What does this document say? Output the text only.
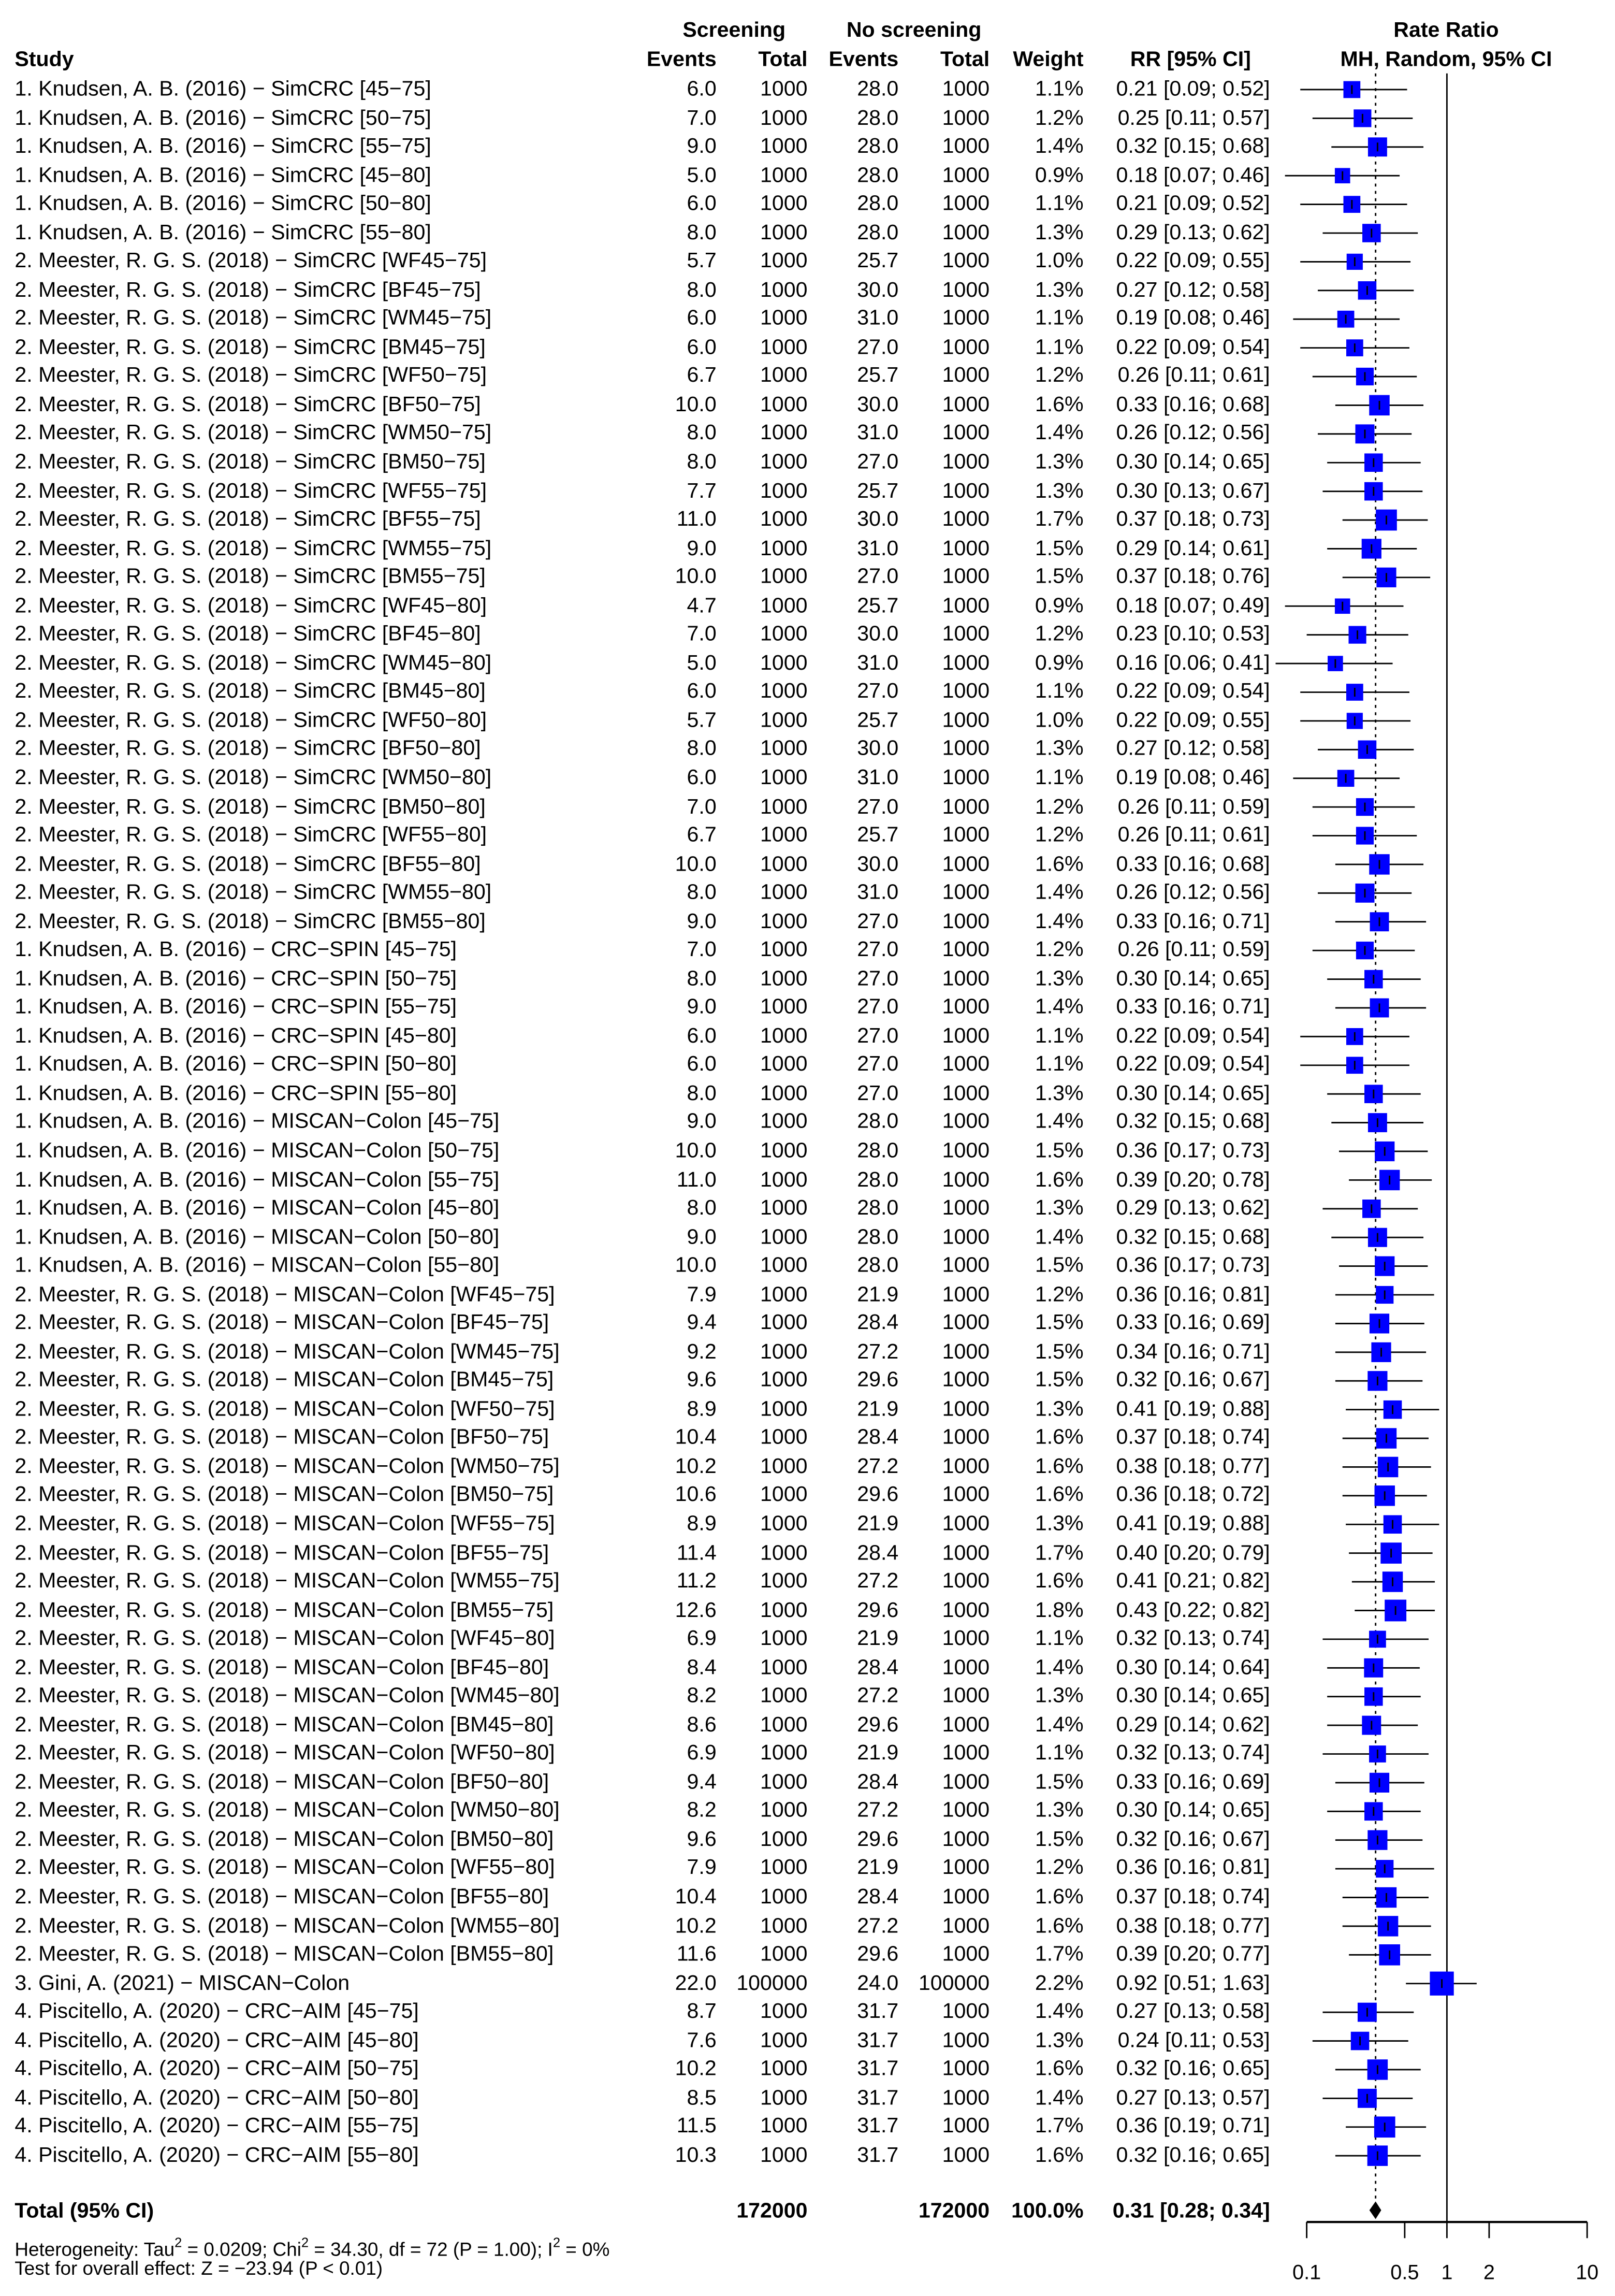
Screening	No screening	Rate Ratio
Study	Events	Total	Events	Total	Weight	RR [95% CI]	MH, Random, 95% CI
1. Knudsen, A. B. (2016) − SimCRC [45−75]	6.0	1000	28.0	1000	1.1%	0.21 [0.09; 0.52]
1. Knudsen, A. B. (2016) − SimCRC [50−75]	7.0	1000	28.0	1000	1.2%	0.25 [0.11; 0.57]
1. Knudsen, A. B. (2016) − SimCRC [55−75]	9.0	1000	28.0	1000	1.4%	0.32 [0.15; 0.68]
1. Knudsen, A. B. (2016) − SimCRC [45−80]	5.0	1000	28.0	1000	0.9%	0.18 [0.07; 0.46]
1. Knudsen, A. B. (2016) − SimCRC [50−80]	6.0	1000	28.0	1000	1.1%	0.21 [0.09; 0.52]
1. Knudsen, A. B. (2016) − SimCRC [55−80]	8.0	1000	28.0	1000	1.3%	0.29 [0.13; 0.62]
2. Meester, R. G. S. (2018) − SimCRC [WF45−75]	5.7	1000	25.7	1000	1.0%	0.22 [0.09; 0.55]
2. Meester, R. G. S. (2018) − SimCRC [BF45−75]	8.0	1000	30.0	1000	1.3%	0.27 [0.12; 0.58]
2. Meester, R. G. S. (2018) − SimCRC [WM45−75]	6.0	1000	31.0	1000	1.1%	0.19 [0.08; 0.46]
2. Meester, R. G. S. (2018) − SimCRC [BM45−75]	6.0	1000	27.0	1000	1.1%	0.22 [0.09; 0.54]
2. Meester, R. G. S. (2018) − SimCRC [WF50−75]	6.7	1000	25.7	1000	1.2%	0.26 [0.11; 0.61]
2. Meester, R. G. S. (2018) − SimCRC [BF50−75]	10.0	1000	30.0	1000	1.6%	0.33 [0.16; 0.68]
2. Meester, R. G. S. (2018) − SimCRC [WM50−75]	8.0	1000	31.0	1000	1.4%	0.26 [0.12; 0.56]
2. Meester, R. G. S. (2018) − SimCRC [BM50−75]	8.0	1000	27.0	1000	1.3%	0.30 [0.14; 0.65]
2. Meester, R. G. S. (2018) − SimCRC [WF55−75]	7.7	1000	25.7	1000	1.3%	0.30 [0.13; 0.67]
2. Meester, R. G. S. (2018) − SimCRC [BF55−75]	11.0	1000	30.0	1000	1.7%	0.37 [0.18; 0.73]
2. Meester, R. G. S. (2018) − SimCRC [WM55−75]	9.0	1000	31.0	1000	1.5%	0.29 [0.14; 0.61]
2. Meester, R. G. S. (2018) − SimCRC [BM55−75]	10.0	1000	27.0	1000	1.5%	0.37 [0.18; 0.76]
2. Meester, R. G. S. (2018) − SimCRC [WF45−80]	4.7	1000	25.7	1000	0.9%	0.18 [0.07; 0.49]
2. Meester, R. G. S. (2018) − SimCRC [BF45−80]	7.0	1000	30.0	1000	1.2%	0.23 [0.10; 0.53]
2. Meester, R. G. S. (2018) − SimCRC [WM45−80]	5.0	1000	31.0	1000	0.9%	0.16 [0.06; 0.41]
2. Meester, R. G. S. (2018) − SimCRC [BM45−80]	6.0	1000	27.0	1000	1.1%	0.22 [0.09; 0.54]
2. Meester, R. G. S. (2018) − SimCRC [WF50−80]	5.7	1000	25.7	1000	1.0%	0.22 [0.09; 0.55]
2. Meester, R. G. S. (2018) − SimCRC [BF50−80]	8.0	1000	30.0	1000	1.3%	0.27 [0.12; 0.58]
2. Meester, R. G. S. (2018) − SimCRC [WM50−80]	6.0	1000	31.0	1000	1.1%	0.19 [0.08; 0.46]
2. Meester, R. G. S. (2018) − SimCRC [BM50−80]	7.0	1000	27.0	1000	1.2%	0.26 [0.11; 0.59]
2. Meester, R. G. S. (2018) − SimCRC [WF55−80]	6.7	1000	25.7	1000	1.2%	0.26 [0.11; 0.61]
2. Meester, R. G. S. (2018) − SimCRC [BF55−80]	10.0	1000	30.0	1000	1.6%	0.33 [0.16; 0.68]
2. Meester, R. G. S. (2018) − SimCRC [WM55−80]	8.0	1000	31.0	1000	1.4%	0.26 [0.12; 0.56]
2. Meester, R. G. S. (2018) − SimCRC [BM55−80]	9.0	1000	27.0	1000	1.4%	0.33 [0.16; 0.71]
1. Knudsen, A. B. (2016) − CRC−SPIN [45−75]	7.0	1000	27.0	1000	1.2%	0.26 [0.11; 0.59]
1. Knudsen, A. B. (2016) − CRC−SPIN [50−75]	8.0	1000	27.0	1000	1.3%	0.30 [0.14; 0.65]
1. Knudsen, A. B. (2016) − CRC−SPIN [55−75]	9.0	1000	27.0	1000	1.4%	0.33 [0.16; 0.71]
1. Knudsen, A. B. (2016) − CRC−SPIN [45−80]	6.0	1000	27.0	1000	1.1%	0.22 [0.09; 0.54]
1. Knudsen, A. B. (2016) − CRC−SPIN [50−80]	6.0	1000	27.0	1000	1.1%	0.22 [0.09; 0.54]
1. Knudsen, A. B. (2016) − CRC−SPIN [55−80]	8.0	1000	27.0	1000	1.3%	0.30 [0.14; 0.65]
1. Knudsen, A. B. (2016) − MISCAN−Colon [45−75]	9.0	1000	28.0	1000	1.4%	0.32 [0.15; 0.68]
1. Knudsen, A. B. (2016) − MISCAN−Colon [50−75]	10.0	1000	28.0	1000	1.5%	0.36 [0.17; 0.73]
1. Knudsen, A. B. (2016) − MISCAN−Colon [55−75]	11.0	1000	28.0	1000	1.6%	0.39 [0.20; 0.78]
1. Knudsen, A. B. (2016) − MISCAN−Colon [45−80]	8.0	1000	28.0	1000	1.3%	0.29 [0.13; 0.62]
1. Knudsen, A. B. (2016) − MISCAN−Colon [50−80]	9.0	1000	28.0	1000	1.4%	0.32 [0.15; 0.68]
1. Knudsen, A. B. (2016) − MISCAN−Colon [55−80]	10.0	1000	28.0	1000	1.5%	0.36 [0.17; 0.73]
2. Meester, R. G. S. (2018) − MISCAN−Colon [WF45−75]	7.9	1000	21.9	1000	1.2%	0.36 [0.16; 0.81]
2. Meester, R. G. S. (2018) − MISCAN−Colon [BF45−75]	9.4	1000	28.4	1000	1.5%	0.33 [0.16; 0.69]
2. Meester, R. G. S. (2018) − MISCAN−Colon [WM45−75]	9.2	1000	27.2	1000	1.5%	0.34 [0.16; 0.71]
2. Meester, R. G. S. (2018) − MISCAN−Colon [BM45−75]	9.6	1000	29.6	1000	1.5%	0.32 [0.16; 0.67]
2. Meester, R. G. S. (2018) − MISCAN−Colon [WF50−75]	8.9	1000	21.9	1000	1.3%	0.41 [0.19; 0.88]
2. Meester, R. G. S. (2018) − MISCAN−Colon [BF50−75]	10.4	1000	28.4	1000	1.6%	0.37 [0.18; 0.74]
2. Meester, R. G. S. (2018) − MISCAN−Colon [WM50−75]	10.2	1000	27.2	1000	1.6%	0.38 [0.18; 0.77]
2. Meester, R. G. S. (2018) − MISCAN−Colon [BM50−75]	10.6	1000	29.6	1000	1.6%	0.36 [0.18; 0.72]
2. Meester, R. G. S. (2018) − MISCAN−Colon [WF55−75]	8.9	1000	21.9	1000	1.3%	0.41 [0.19; 0.88]
2. Meester, R. G. S. (2018) − MISCAN−Colon [BF55−75]	11.4	1000	28.4	1000	1.7%	0.40 [0.20; 0.79]
2. Meester, R. G. S. (2018) − MISCAN−Colon [WM55−75]	11.2	1000	27.2	1000	1.6%	0.41 [0.21; 0.82]
2. Meester, R. G. S. (2018) − MISCAN−Colon [BM55−75]	12.6	1000	29.6	1000	1.8%	0.43 [0.22; 0.82]
2. Meester, R. G. S. (2018) − MISCAN−Colon [WF45−80]	6.9	1000	21.9	1000	1.1%	0.32 [0.13; 0.74]
2. Meester, R. G. S. (2018) − MISCAN−Colon [BF45−80]	8.4	1000	28.4	1000	1.4%	0.30 [0.14; 0.64]
2. Meester, R. G. S. (2018) − MISCAN−Colon [WM45−80]	8.2	1000	27.2	1000	1.3%	0.30 [0.14; 0.65]
2. Meester, R. G. S. (2018) − MISCAN−Colon [BM45−80]	8.6	1000	29.6	1000	1.4%	0.29 [0.14; 0.62]
2. Meester, R. G. S. (2018) − MISCAN−Colon [WF50−80]	6.9	1000	21.9	1000	1.1%	0.32 [0.13; 0.74]
2. Meester, R. G. S. (2018) − MISCAN−Colon [BF50−80]	9.4	1000	28.4	1000	1.5%	0.33 [0.16; 0.69]
2. Meester, R. G. S. (2018) − MISCAN−Colon [WM50−80]	8.2	1000	27.2	1000	1.3%	0.30 [0.14; 0.65]
2. Meester, R. G. S. (2018) − MISCAN−Colon [BM50−80]	9.6	1000	29.6	1000	1.5%	0.32 [0.16; 0.67]
2. Meester, R. G. S. (2018) − MISCAN−Colon [WF55−80]	7.9	1000	21.9	1000	1.2%	0.36 [0.16; 0.81]
2. Meester, R. G. S. (2018) − MISCAN−Colon [BF55−80]	10.4	1000	28.4	1000	1.6%	0.37 [0.18; 0.74]
2. Meester, R. G. S. (2018) − MISCAN−Colon [WM55−80]	10.2	1000	27.2	1000	1.6%	0.38 [0.18; 0.77]
2. Meester, R. G. S. (2018) − MISCAN−Colon [BM55−80]	11.6	1000	29.6	1000	1.7%	0.39 [0.20; 0.77]
3. Gini, A. (2021) − MISCAN−Colon	22.0	100000	24.0	100000	2.2%	0.92 [0.51; 1.63]
4. Piscitello, A. (2020) − CRC−AIM [45−75]	8.7	1000	31.7	1000	1.4%	0.27 [0.13; 0.58]
4. Piscitello, A. (2020) − CRC−AIM [45−80]	7.6	1000	31.7	1000	1.3%	0.24 [0.11; 0.53]
4. Piscitello, A. (2020) − CRC−AIM [50−75]	10.2	1000	31.7	1000	1.6%	0.32 [0.16; 0.65]
4. Piscitello, A. (2020) − CRC−AIM [50−80]	8.5	1000	31.7	1000	1.4%	0.27 [0.13; 0.57]
4. Piscitello, A. (2020) − CRC−AIM [55−75]	11.5	1000	31.7	1000	1.7%	0.36 [0.19; 0.71]
4. Piscitello, A. (2020) − CRC−AIM [55−80]	10.3	1000	31.7	1000	1.6%	0.32 [0.16; 0.65]
0.1	0.5	1	2	10
Total (95% CI)	172000	172000	100.0%	0.31 [0.28; 0.34]
Heterogeneity: Tau$^2$ = 0.0209; Chi$^2$ = 34.30, df = 72 (P = 1.00); $I^2 = 0\%$
Test for overall effect: Z = −23.94 (P < 0.01)
